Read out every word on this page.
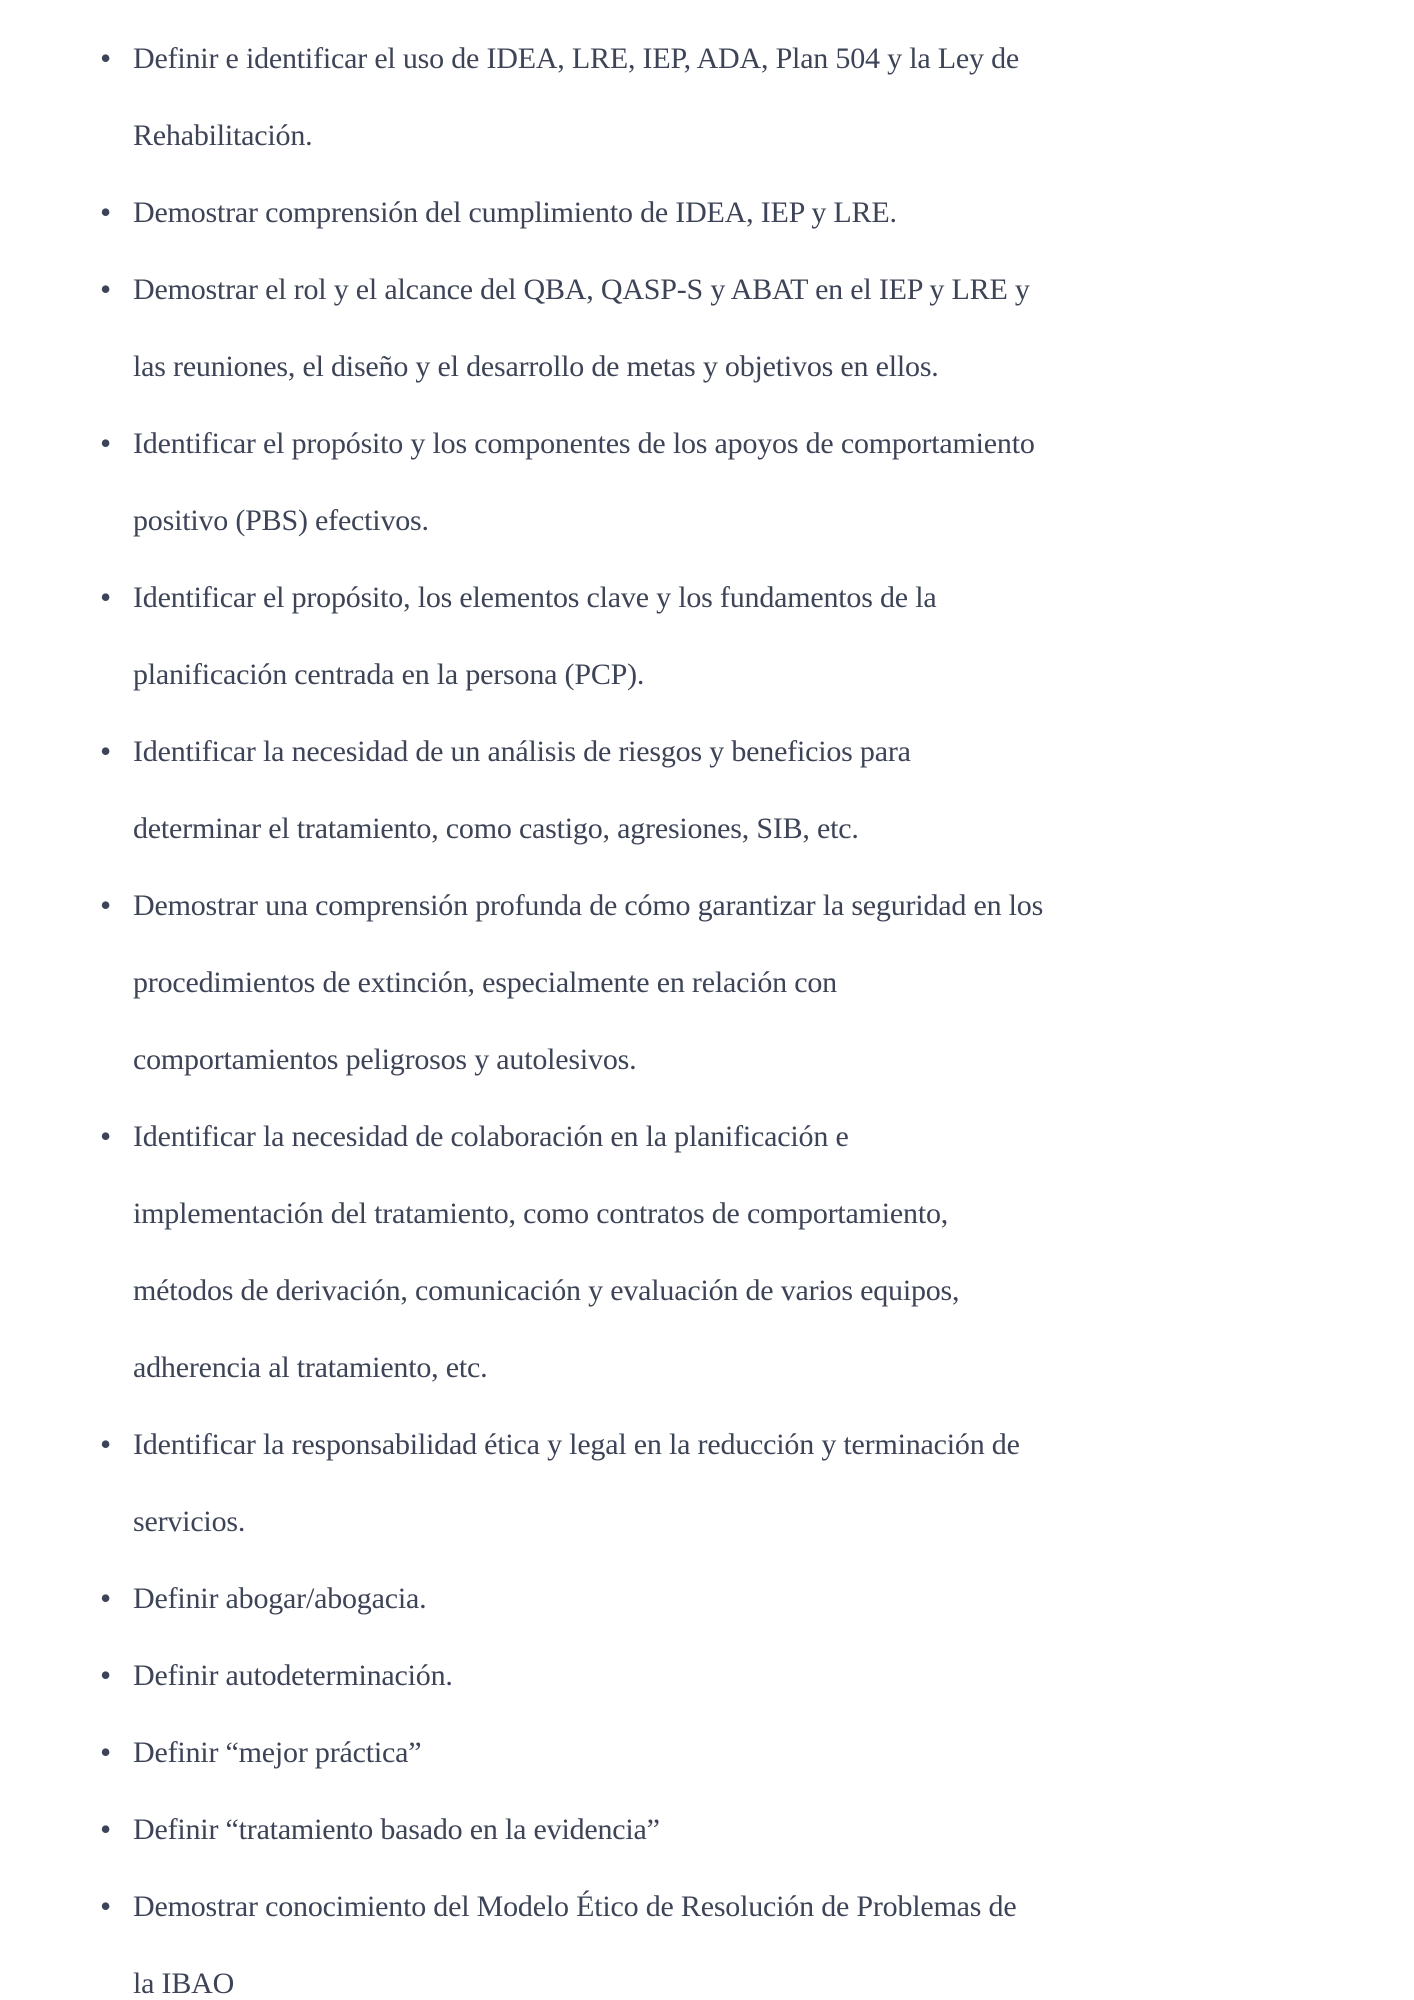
• Definir e identificar el uso de IDEA, LRE, IEP, ADA, Plan 504 y la Ley de Rehabilitación.
• Demostrar comprensión del cumplimiento de IDEA, IEP y LRE.
• Demostrar el rol y el alcance del QBA, QASP-S y ABAT en el IEP y LRE y las reuniones, el diseño y el desarrollo de metas y objetivos en ellos.
• Identificar el propósito y los componentes de los apoyos de comportamiento positivo (PBS) efectivos.
• Identificar el propósito, los elementos clave y los fundamentos de la planificación centrada en la persona (PCP).
• Identificar la necesidad de un análisis de riesgos y beneficios para determinar el tratamiento, como castigo, agresiones, SIB, etc.
• Demostrar una comprensión profunda de cómo garantizar la seguridad en los procedimientos de extinción, especialmente en relación con comportamientos peligrosos y autolesivos.
• Identificar la necesidad de colaboración en la planificación e implementación del tratamiento, como contratos de comportamiento, métodos de derivación, comunicación y evaluación de varios equipos, adherencia al tratamiento, etc.
• Identificar la responsabilidad ética y legal en la reducción y terminación de servicios.
• Definir abogar/abogacia.
• Definir autodeterminación.
• Definir “mejor práctica”
• Definir “tratamiento basado en la evidencia”
• Demostrar conocimiento del Modelo Ético de Resolución de Problemas de la IBAO
